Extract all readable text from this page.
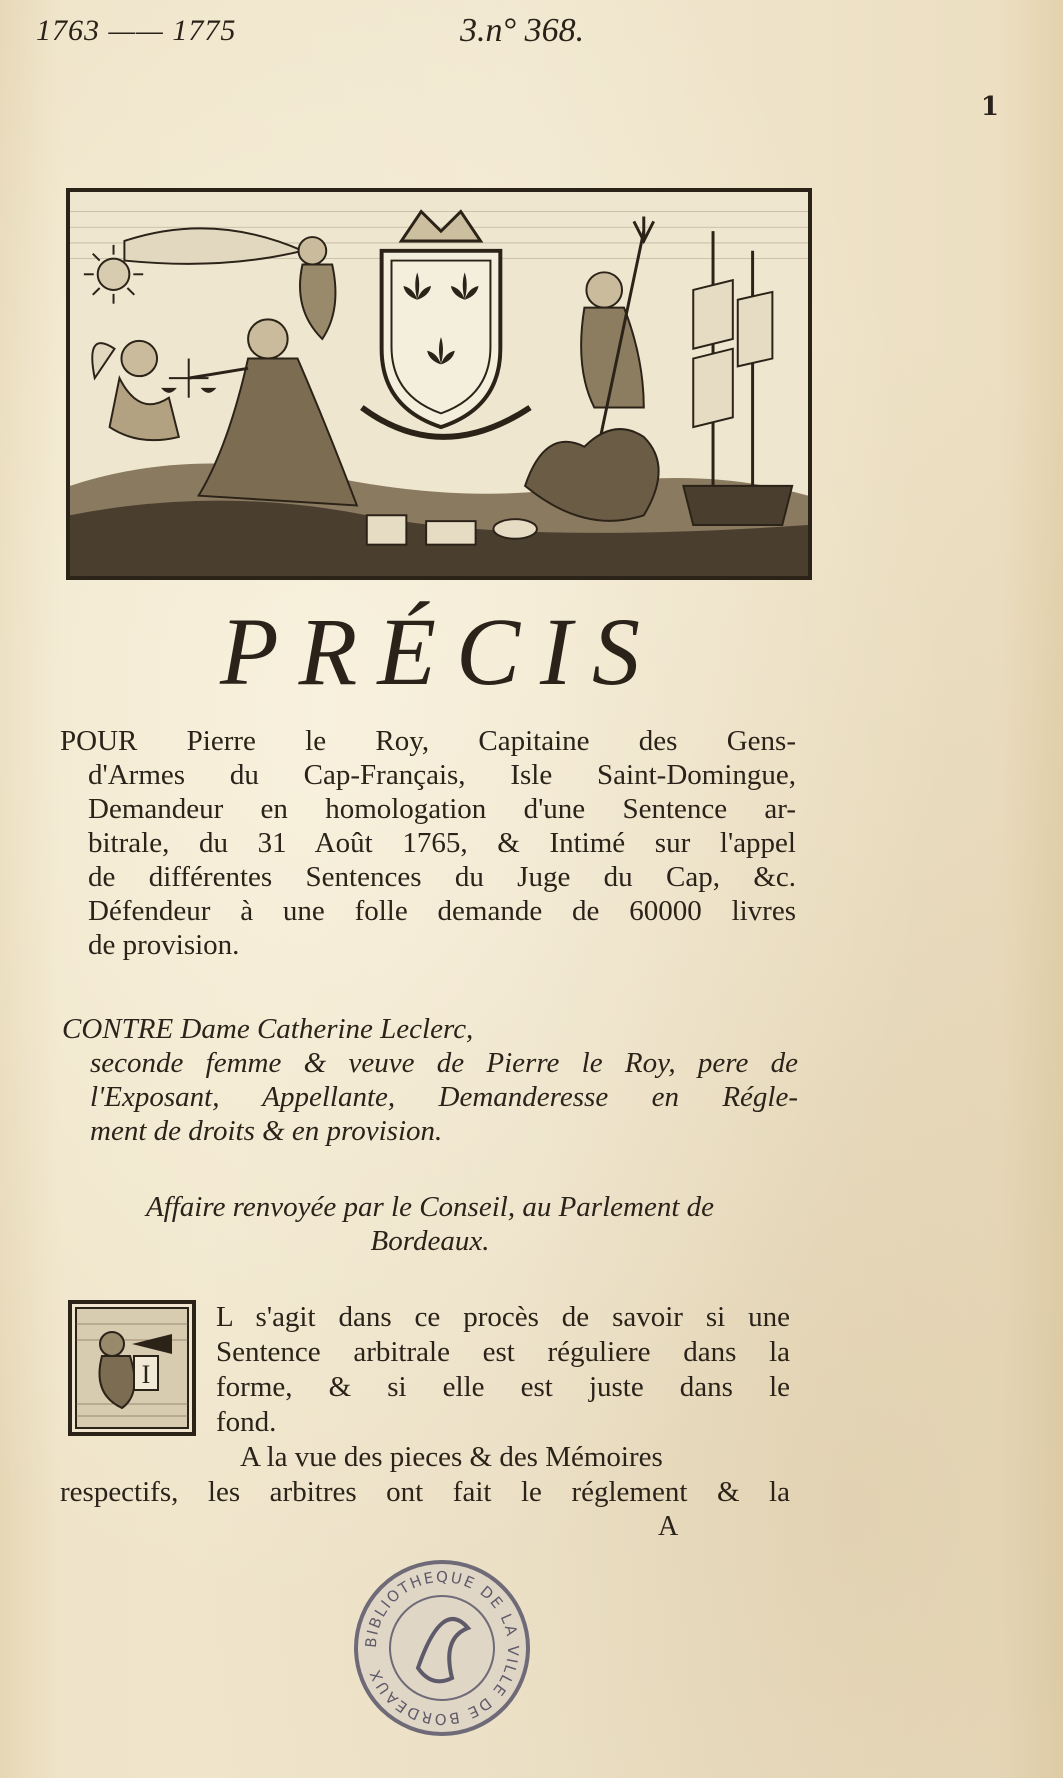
1763 —— 1775	3.n° 368.
1
PRÉCIS
POUR Pierre le Roy, Capitaine des Gens-
d'Armes du Cap-Français, Isle Saint-Domingue,
Demandeur en homologation d'une Sentence ar-
bitrale, du 31 Août 1765, & Intimé sur l'appel
de différentes Sentences du Juge du Cap, &c.
Défendeur à une folle demande de 60000 livres
de provision.
CONTRE Dame Catherine Leclerc,
seconde femme & veuve de Pierre le Roy, pere de
l'Exposant, Appellante, Demanderesse en Régle-
ment de droits & en provision.
Affaire renvoyée par le Conseil, au Parlement de
Bordeaux.
I
L s'agit dans ce procès de savoir si une
Sentence arbitrale est réguliere dans la
forme, & si elle est juste dans le
fond.
A la vue des pieces & des Mémoires
respectifs, les arbitres ont fait le réglement & la
A
BIBLIOTHEQUE DE LA VILLE DE BORDEAUX
